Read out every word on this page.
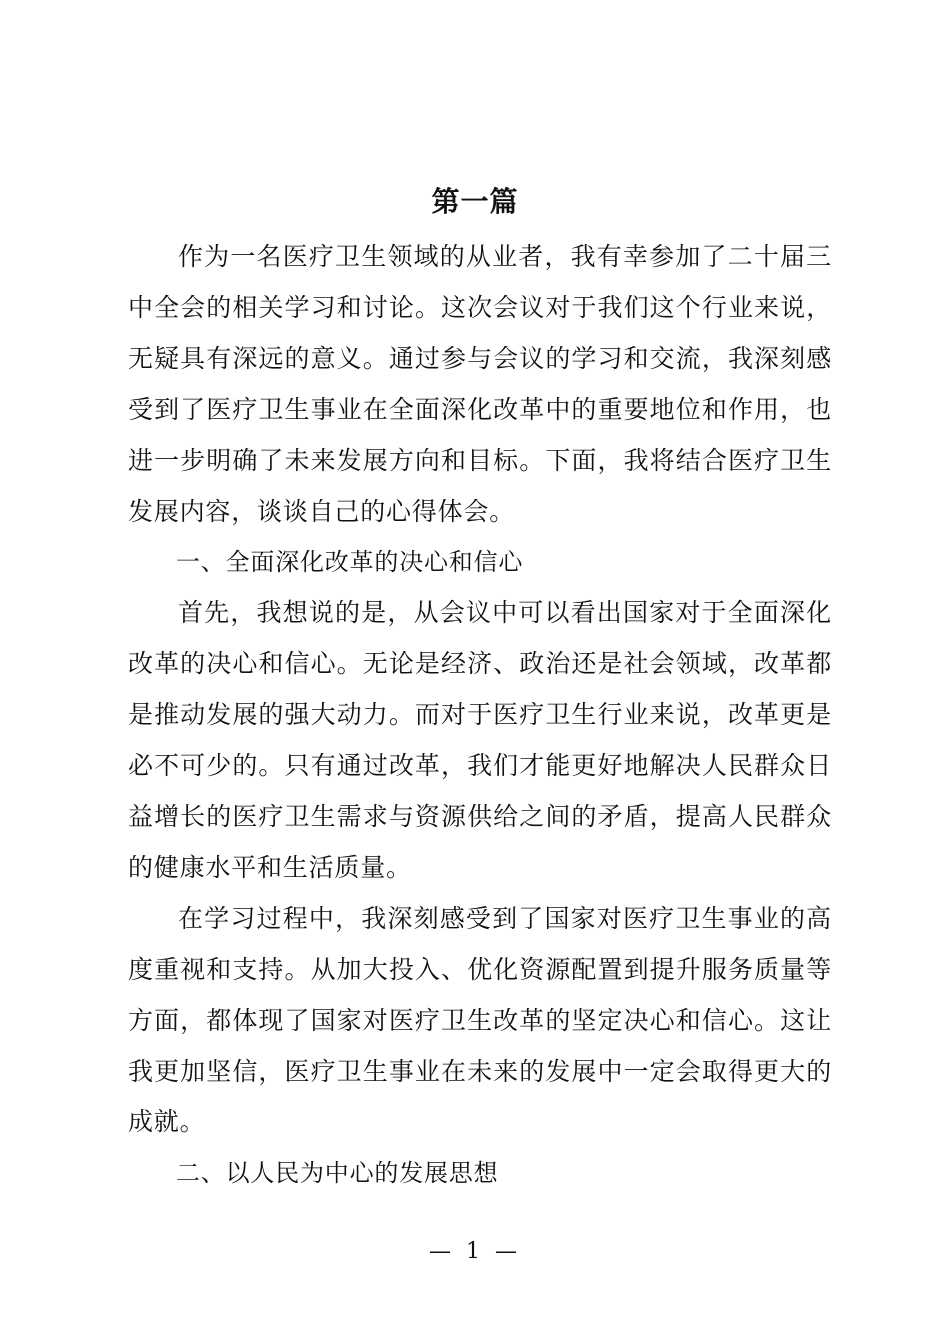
第一篇

作为一名医疗卫生领域的从业者，我有幸参加了二十届三中全会的相关学习和讨论。这次会议对于我们这个行业来说，无疑具有深远的意义。通过参与会议的学习和交流，我深刻感受到了医疗卫生事业在全面深化改革中的重要地位和作用，也进一步明确了未来发展方向和目标。下面，我将结合医疗卫生发展内容，谈谈自己的心得体会。

一、全面深化改革的决心和信心

首先，我想说的是，从会议中可以看出国家对于全面深化改革的决心和信心。无论是经济、政治还是社会领域，改革都是推动发展的强大动力。而对于医疗卫生行业来说，改革更是必不可少的。只有通过改革，我们才能更好地解决人民群众日益增长的医疗卫生需求与资源供给之间的矛盾，提高人民群众的健康水平和生活质量。

在学习过程中，我深刻感受到了国家对医疗卫生事业的高度重视和支持。从加大投入、优化资源配置到提升服务质量等方面，都体现了国家对医疗卫生改革的坚定决心和信心。这让我更加坚信，医疗卫生事业在未来的发展中一定会取得更大的成就。

二、以人民为中心的发展思想
— 1 —
